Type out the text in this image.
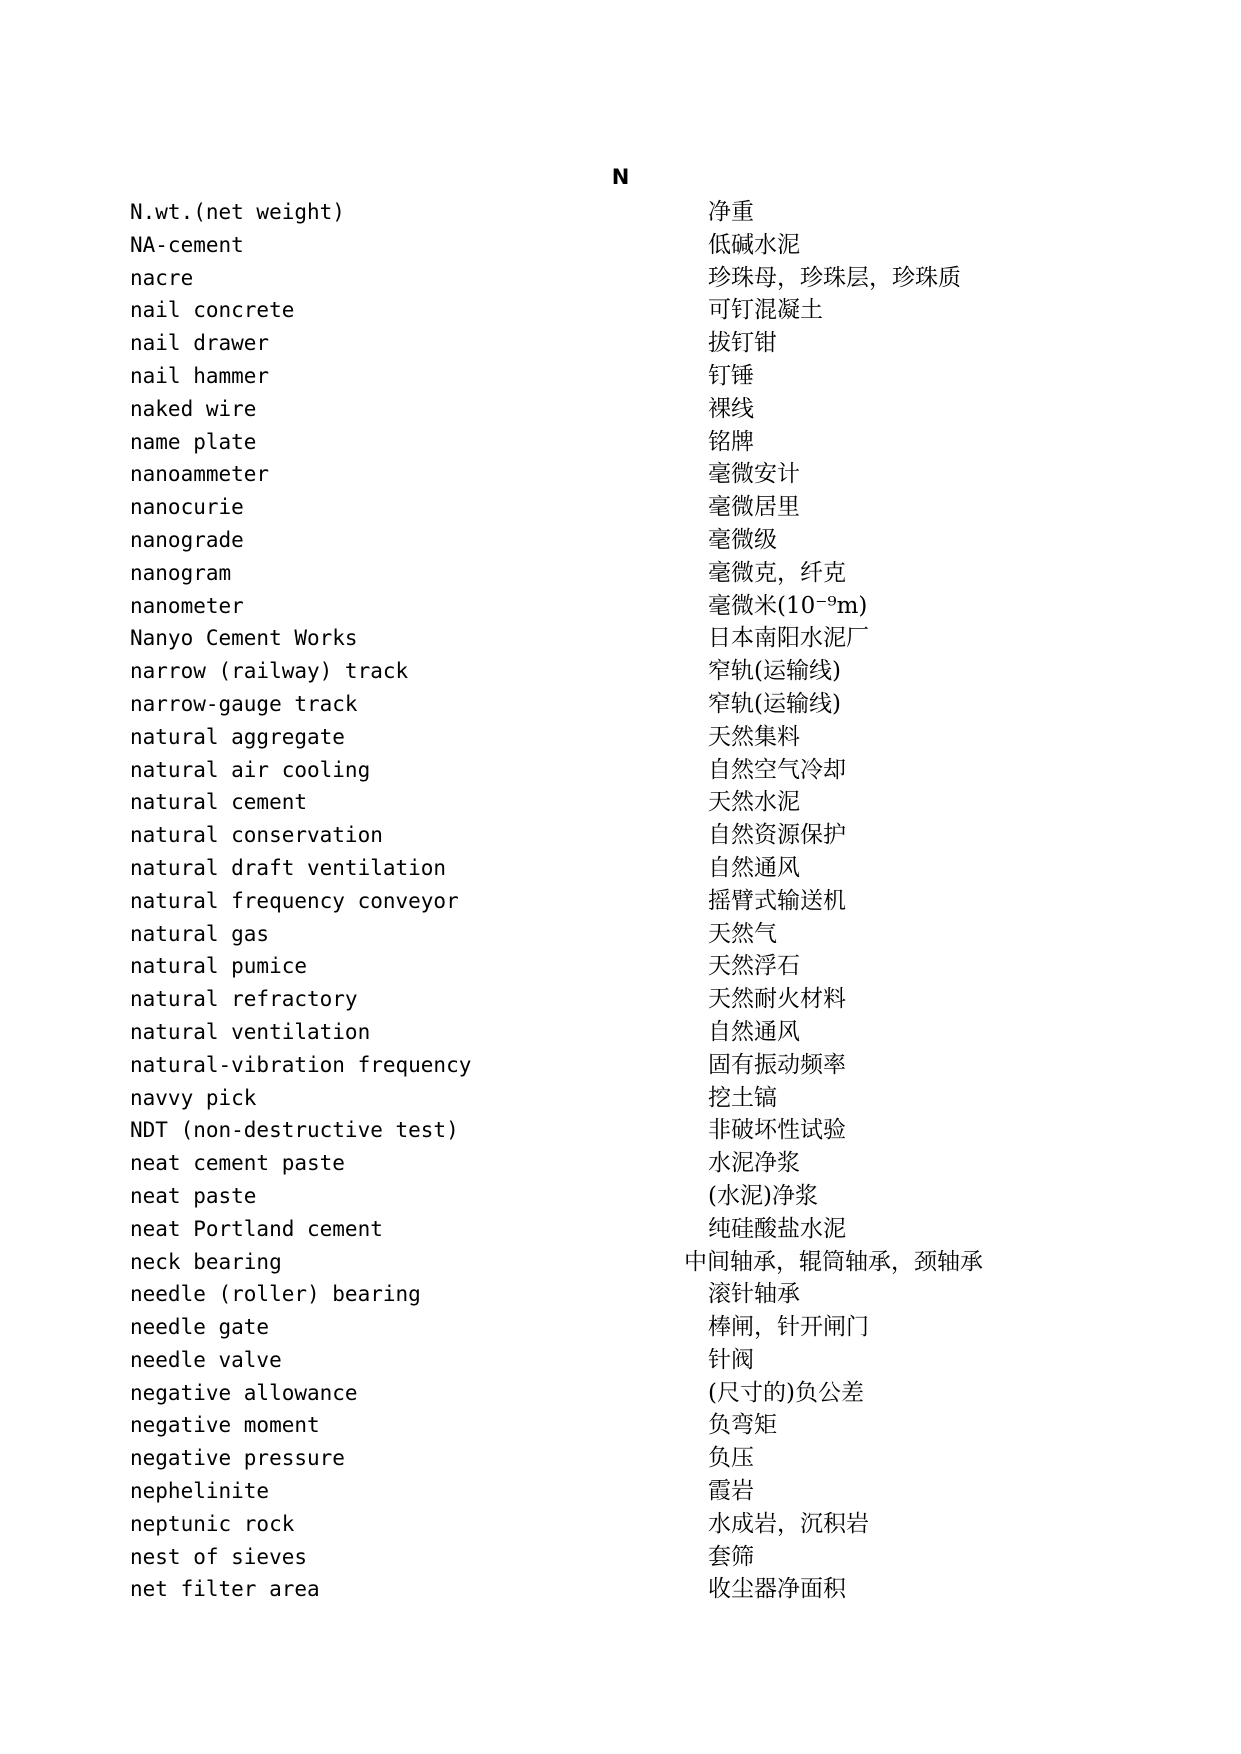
N
N.wt.(net weight)	净重
NA-cement	低碱水泥
nacre	珍珠母，珍珠层，珍珠质
nail concrete	可钉混凝土
nail drawer	拔钉钳
nail hammer	钉锤
naked wire	裸线
name plate	铭牌
nanoammeter	毫微安计
nanocurie	毫微居里
nanograde	毫微级
nanogram	毫微克，纤克
nanometer	毫微米(10⁻⁹m)
Nanyo Cement Works	日本南阳水泥厂
narrow (railway) track	窄轨(运输线)
narrow-gauge track	窄轨(运输线)
natural aggregate	天然集料
natural air cooling	自然空气冷却
natural cement	天然水泥
natural conservation	自然资源保护
natural draft ventilation	自然通风
natural frequency conveyor	摇臂式输送机
natural gas	天然气
natural pumice	天然浮石
natural refractory	天然耐火材料
natural ventilation	自然通风
natural-vibration frequency	固有振动频率
navvy pick	挖土镐
NDT (non-destructive test)	非破坏性试验
neat cement paste	水泥净浆
neat paste	(水泥)净浆
neat Portland cement	纯硅酸盐水泥
neck bearing	中间轴承，辊筒轴承，颈轴承
needle (roller) bearing	滚针轴承
needle gate	棒闸，针开闸门
needle valve	针阀
negative allowance	(尺寸的)负公差
negative moment	负弯矩
negative pressure	负压
nephelinite	霞岩
neptunic rock	水成岩，沉积岩
nest of sieves	套筛
net filter area	收尘器净面积
